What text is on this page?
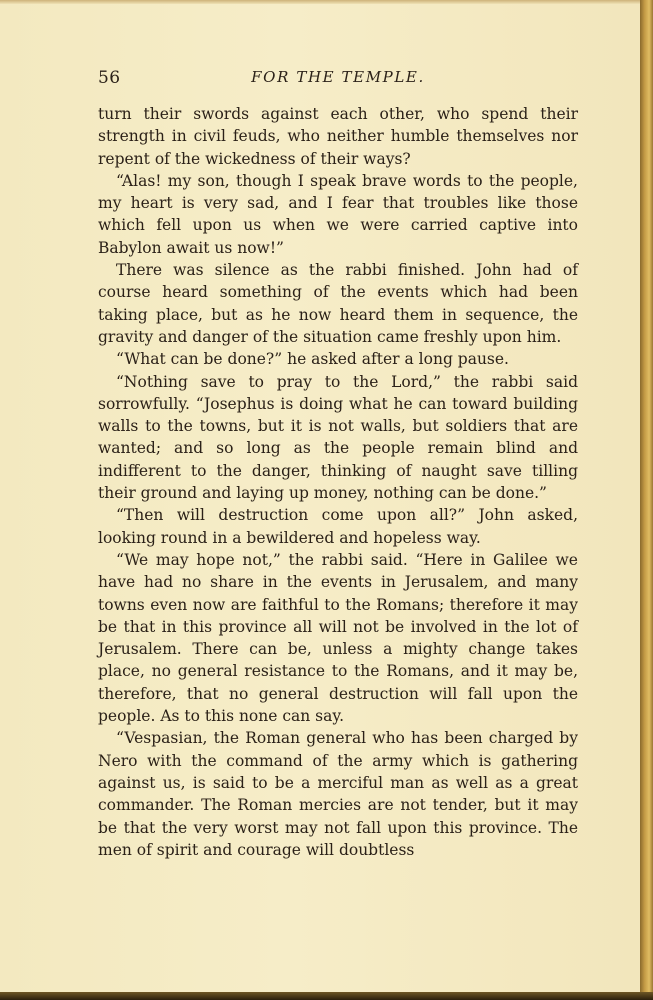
56	FOR THE TEMPLE.

turn their swords against each other, who spend their strength in civil feuds, who neither humble themselves nor repent of the wickedness of their ways?

“Alas! my son, though I speak brave words to the people, my heart is very sad, and I fear that troubles like those which fell upon us when we were carried captive into Babylon await us now!”

There was silence as the rabbi finished. John had of course heard something of the events which had been taking place, but as he now heard them in sequence, the gravity and danger of the situation came freshly upon him.

“What can be done?” he asked after a long pause.

“Nothing save to pray to the Lord,” the rabbi said sorrowfully. “Josephus is doing what he can toward building walls to the towns, but it is not walls, but soldiers that are wanted; and so long as the people remain blind and indifferent to the danger, thinking of naught save tilling their ground and laying up money, nothing can be done.”

“Then will destruction come upon all?” John asked, looking round in a bewildered and hopeless way.

“We may hope not,” the rabbi said. “Here in Galilee we have had no share in the events in Jerusalem, and many towns even now are faithful to the Romans; therefore it may be that in this province all will not be involved in the lot of Jerusalem. There can be, unless a mighty change takes place, no general resistance to the Romans, and it may be, therefore, that no general destruction will fall upon the people. As to this none can say.

“Vespasian, the Roman general who has been charged by Nero with the command of the army which is gathering against us, is said to be a merciful man as well as a great commander. The Roman mercies are not tender, but it may be that the very worst may not fall upon this province. The men of spirit and courage will doubtless
